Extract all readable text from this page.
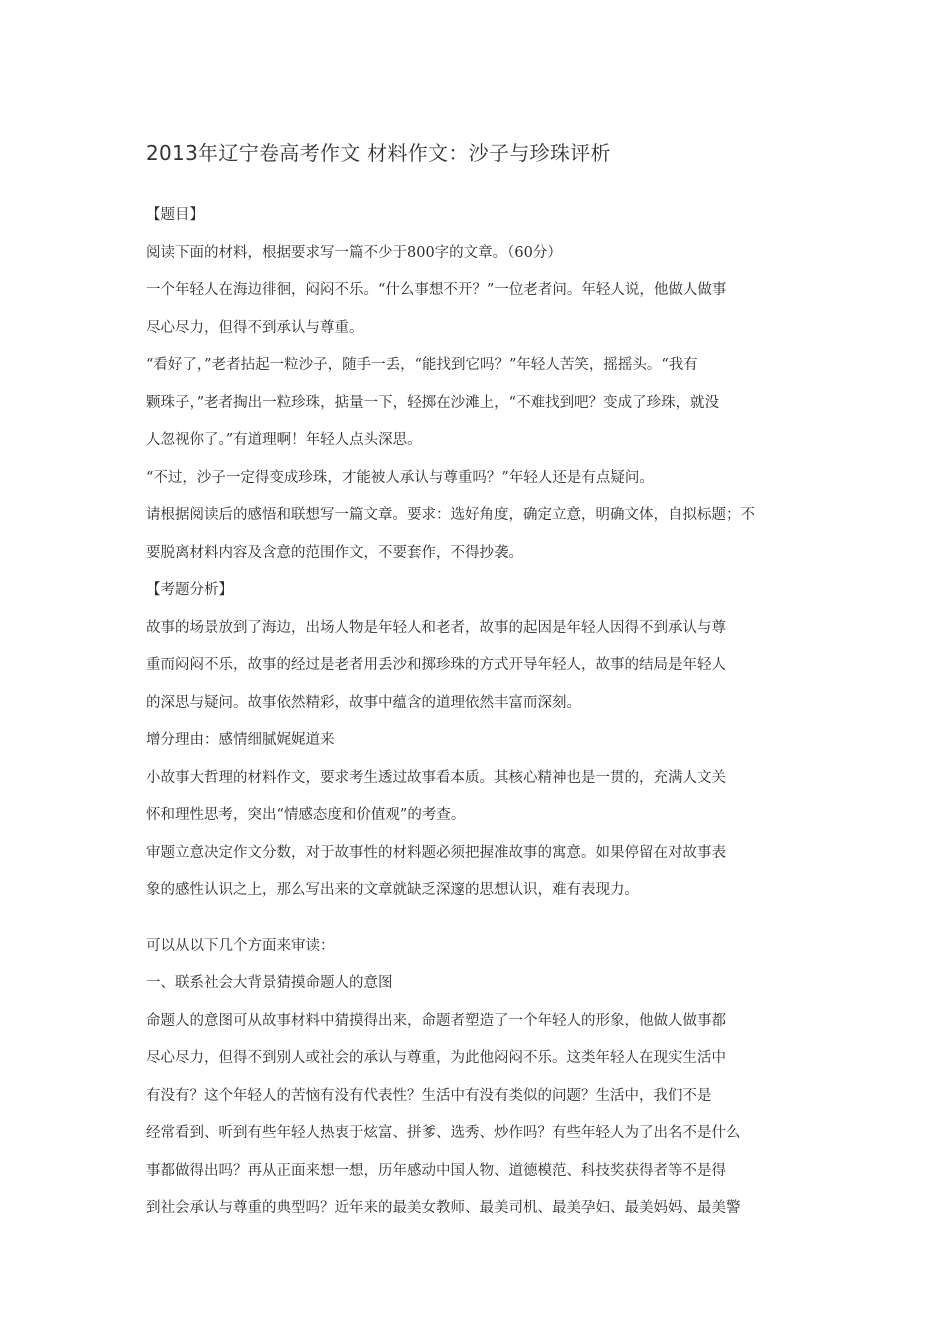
2013年辽宁卷高考作文 材料作文：沙子与珍珠评析
【题目】
阅读下面的材料，根据要求写一篇不少于800字的文章。（60分）
一个年轻人在海边徘徊，闷闷不乐。“什么事想不开？”一位老者问。年轻人说，他做人做事
尽心尽力，但得不到承认与尊重。
“看好了，”老者拈起一粒沙子，随手一丢，“能找到它吗？”年轻人苦笑，摇摇头。“我有
颗珠子，”老者掏出一粒珍珠，掂量一下，轻掷在沙滩上，“不难找到吧？变成了珍珠，就没
人忽视你了。”有道理啊！年轻人点头深思。
“不过，沙子一定得变成珍珠，才能被人承认与尊重吗？”年轻人还是有点疑问。
请根据阅读后的感悟和联想写一篇文章。要求：选好角度，确定立意，明确文体，自拟标题；不
要脱离材料内容及含意的范围作文，不要套作，不得抄袭。
【考题分析】
故事的场景放到了海边，出场人物是年轻人和老者，故事的起因是年轻人因得不到承认与尊
重而闷闷不乐，故事的经过是老者用丢沙和掷珍珠的方式开导年轻人，故事的结局是年轻人
的深思与疑问。故事依然精彩，故事中蕴含的道理依然丰富而深刻。
增分理由：感情细腻娓娓道来
小故事大哲理的材料作文，要求考生透过故事看本质。其核心精神也是一贯的，充满人文关
怀和理性思考，突出“情感态度和价值观”的考查。
审题立意决定作文分数，对于故事性的材料题必须把握准故事的寓意。如果停留在对故事表
象的感性认识之上，那么写出来的文章就缺乏深邃的思想认识，难有表现力。
可以从以下几个方面来审读：
一、联系社会大背景猜摸命题人的意图
命题人的意图可从故事材料中猜摸得出来，命题者塑造了一个年轻人的形象，他做人做事都
尽心尽力，但得不到别人或社会的承认与尊重，为此他闷闷不乐。这类年轻人在现实生活中
有没有？这个年轻人的苦恼有没有代表性？生活中有没有类似的问题？生活中，我们不是
经常看到、听到有些年轻人热衷于炫富、拼爹、选秀、炒作吗？有些年轻人为了出名不是什么
事都做得出吗？再从正面来想一想，历年感动中国人物、道德模范、科技奖获得者等不是得
到社会承认与尊重的典型吗？近年来的最美女教师、最美司机、最美孕妇、最美妈妈、最美警
